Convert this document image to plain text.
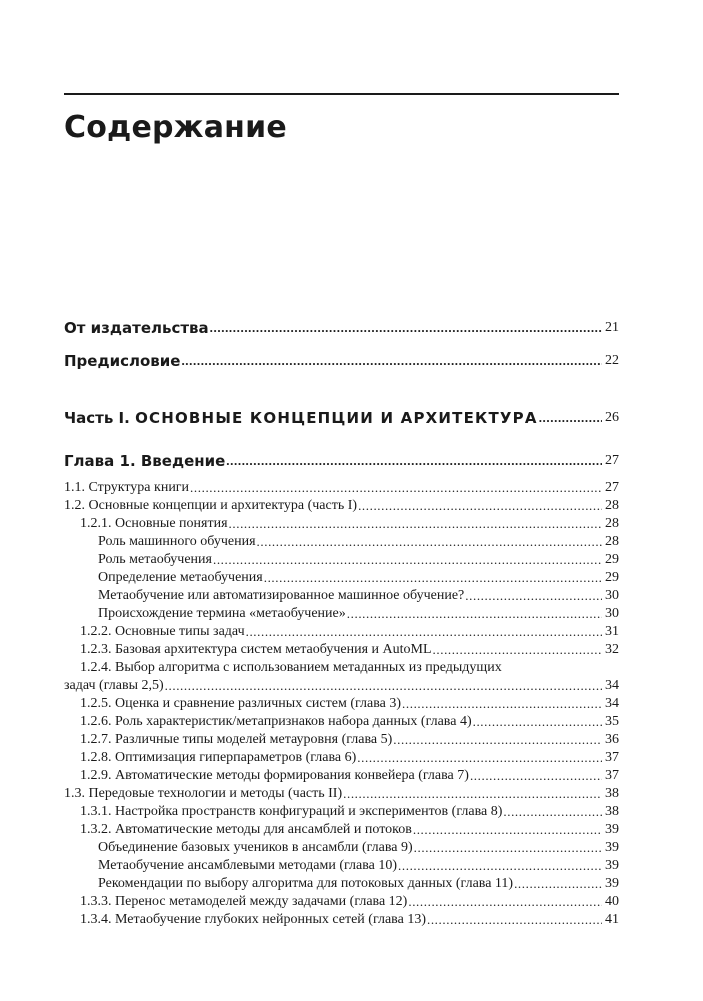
Содержание
От издательства .....	21
Предисловие .....	22
Часть I. ОСНОВНЫЕ КОНЦЕПЦИИ И АРХИТЕКТУРА .....	26
Глава 1. Введение .....	27
1.1. Структура книги .....	27
1.2. Основные концепции и архитектура (часть I) .....	28
1.2.1. Основные понятия .....	28
Роль машинного обучения .....	28
Роль метаобучения .....	29
Определение метаобучения .....	29
Метаобучение или автоматизированное машинное обучение? .....	30
Происхождение термина «метаобучение» .....	30
1.2.2. Основные типы задач .....	31
1.2.3. Базовая архитектура систем метаобучения и AutoML .....	32
1.2.4. Выбор алгоритма с использованием метаданных из предыдущих
задач (главы 2,5) .....	34
1.2.5. Оценка и сравнение различных систем (глава 3) .....	34
1.2.6. Роль характеристик/метапризнаков набора данных (глава 4) .....	35
1.2.7. Различные типы моделей метауровня (глава 5) .....	36
1.2.8. Оптимизация гиперпараметров (глава 6) .....	37
1.2.9. Автоматические методы формирования конвейера (глава 7) .....	37
1.3. Передовые технологии и методы (часть II) .....	38
1.3.1. Настройка пространств конфигураций и экспериментов (глава 8) .....	38
1.3.2. Автоматические методы для ансамблей и потоков .....	39
Объединение базовых учеников в ансамбли (глава 9) .....	39
Метаобучение ансамблевыми методами (глава 10) .....	39
Рекомендации по выбору алгоритма для потоковых данных (глава 11) .....	39
1.3.3. Перенос метамоделей между задачами (глава 12) .....	40
1.3.4. Метаобучение глубоких нейронных сетей (глава 13) .....	41
